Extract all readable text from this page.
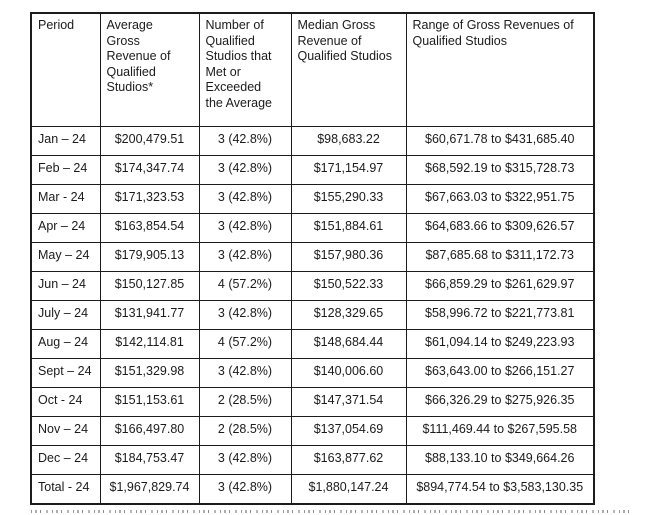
Period	Average Gross Revenue of Qualified Studios*	Number of Qualified Studios that Met or Exceeded the Average	Median Gross Revenue of Qualified Studios	Range of Gross Revenues of Qualified Studios
Jan – 24	$200,479.51	3 (42.8%)	$98,683.22	$60,671.78 to $431,685.40
Feb – 24	$174,347.74	3 (42.8%)	$171,154.97	$68,592.19 to $315,728.73
Mar - 24	$171,323.53	3 (42.8%)	$155,290.33	$67,663.03 to $322,951.75
Apr – 24	$163,854.54	3 (42.8%)	$151,884.61	$64,683.66 to $309,626.57
May – 24	$179,905.13	3 (42.8%)	$157,980.36	$87,685.68 to $311,172.73
Jun – 24	$150,127.85	4 (57.2%)	$150,522.33	$66,859.29 to $261,629.97
July – 24	$131,941.77	3 (42.8%)	$128,329.65	$58,996.72 to $221,773.81
Aug – 24	$142,114.81	4 (57.2%)	$148,684.44	$61,094.14 to $249,223.93
Sept – 24	$151,329.98	3 (42.8%)	$140,006.60	$63,643.00 to $266,151.27
Oct - 24	$151,153.61	2 (28.5%)	$147,371.54	$66,326.29 to $275,926.35
Nov – 24	$166,497.80	2 (28.5%)	$137,054.69	$111,469.44 to $267,595.58
Dec – 24	$184,753.47	3 (42.8%)	$163,877.62	$88,133.10 to $349,664.26
Total - 24	$1,967,829.74	3 (42.8%)	$1,880,147.24	$894,774.54 to $3,583,130.35
